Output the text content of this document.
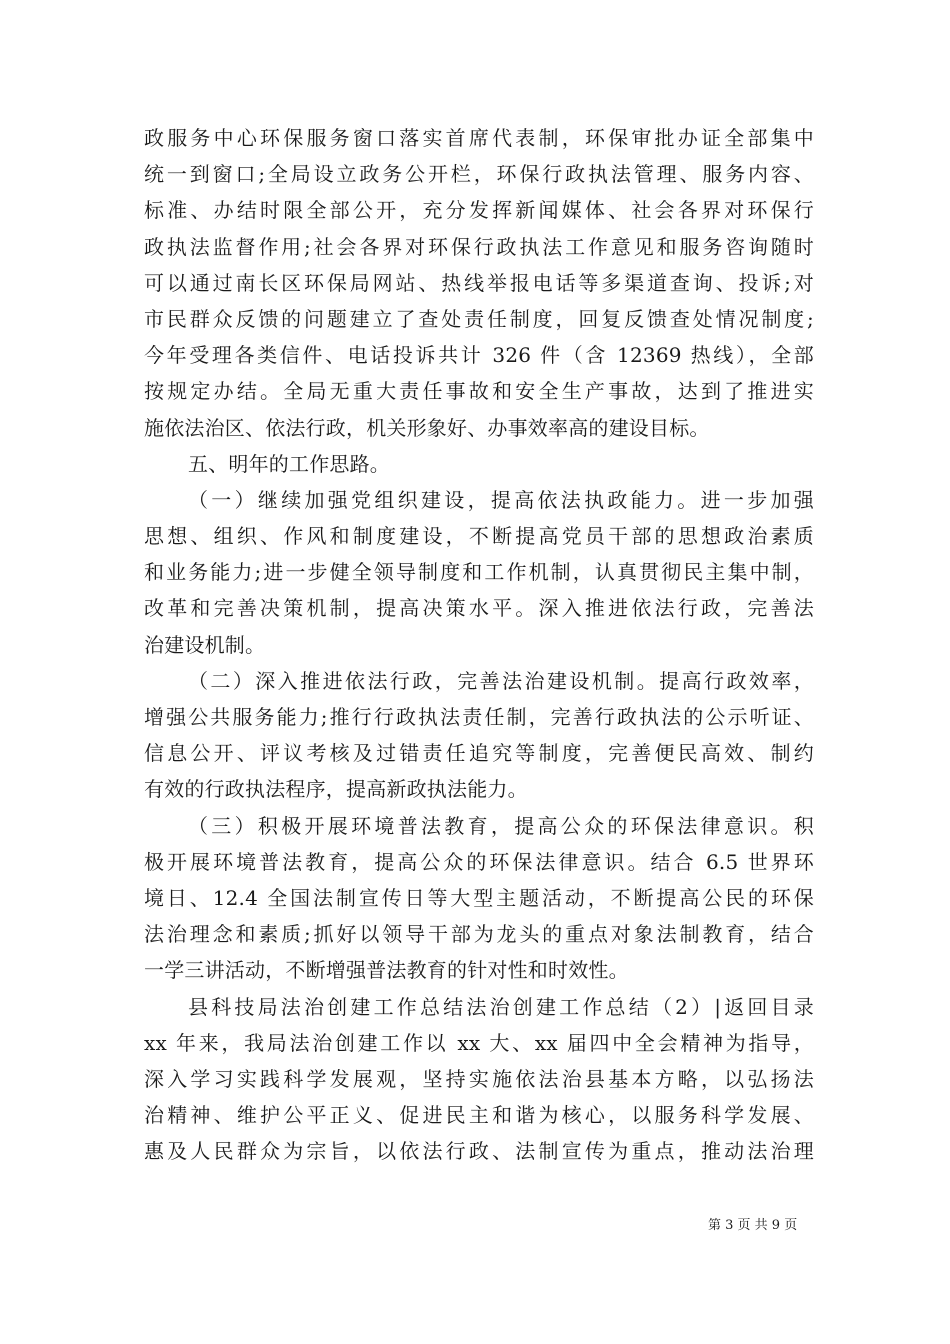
政服务中心环保服务窗口落实首席代表制，环保审批办证全部集中
统一到窗口;全局设立政务公开栏，环保行政执法管理、服务内容、
标准、办结时限全部公开，充分发挥新闻媒体、社会各界对环保行
政执法监督作用;社会各界对环保行政执法工作意见和服务咨询随时
可以通过南长区环保局网站、热线举报电话等多渠道查询、投诉;对
市民群众反馈的问题建立了查处责任制度，回复反馈查处情况制度;
今年受理各类信件、电话投诉共计 326 件（含 12369 热线），全部
按规定办结。全局无重大责任事故和安全生产事故，达到了推进实
施依法治区、依法行政，机关形象好、办事效率高的建设目标。
五、明年的工作思路。
（一）继续加强党组织建设，提高依法执政能力。进一步加强
思想、组织、作风和制度建设，不断提高党员干部的思想政治素质
和业务能力;进一步健全领导制度和工作机制，认真贯彻民主集中制，
改革和完善决策机制，提高决策水平。深入推进依法行政，完善法
治建设机制。
（二）深入推进依法行政，完善法治建设机制。提高行政效率，
增强公共服务能力;推行行政执法责任制，完善行政执法的公示听证、
信息公开、评议考核及过错责任追究等制度，完善便民高效、制约
有效的行政执法程序，提高新政执法能力。
（三）积极开展环境普法教育，提高公众的环保法律意识。积
极开展环境普法教育，提高公众的环保法律意识。结合 6.5 世界环
境日、12.4 全国法制宣传日等大型主题活动，不断提高公民的环保
法治理念和素质;抓好以领导干部为龙头的重点对象法制教育，结合
一学三讲活动，不断增强普法教育的针对性和时效性。
县科技局法治创建工作总结法治创建工作总结（2）|返回目录
xx 年来，我局法治创建工作以 xx 大、xx 届四中全会精神为指导，
深入学习实践科学发展观，坚持实施依法治县基本方略，以弘扬法
治精神、维护公平正义、促进民主和谐为核心，以服务科学发展、
惠及人民群众为宗旨，以依法行政、法制宣传为重点，推动法治理
第 3 页 共 9 页
